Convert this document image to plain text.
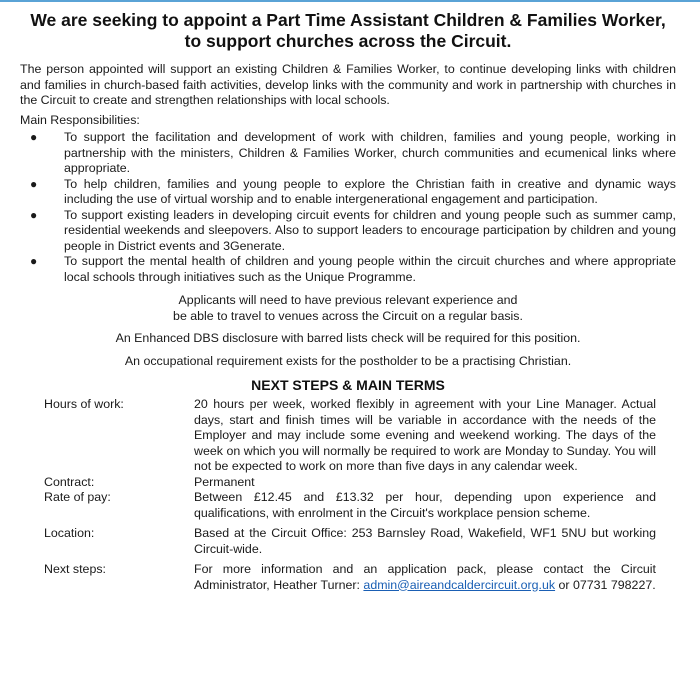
We are seeking to appoint a Part Time Assistant Children & Families Worker,
to support churches across the Circuit.

The person appointed will support an existing Children & Families Worker, to continue developing links with children and families in church-based faith activities, develop links with the community and work in partnership with churches in the Circuit to create and strengthen relationships with local schools.

Main Responsibilities:

● To support the facilitation and development of work with children, families and young people, working in partnership with the ministers, Children & Families Worker, church communities and ecumenical links where appropriate.
● To help children, families and young people to explore the Christian faith in creative and dynamic ways including the use of virtual worship and to enable intergenerational engagement and participation.
● To support existing leaders in developing circuit events for children and young people such as summer camp, residential weekends and sleepovers. Also to support leaders to encourage participation by children and young people in District events and 3Generate.
● To support the mental health of children and young people within the circuit churches and where appropriate local schools through initiatives such as the Unique Programme.

Applicants will need to have previous relevant experience and
be able to travel to venues across the Circuit on a regular basis.

An Enhanced DBS disclosure with barred lists check will be required for this position.

An occupational requirement exists for the postholder to be a practising Christian.

NEXT STEPS & MAIN TERMS
Hours of work:	20 hours per week, worked flexibly in agreement with your Line Manager. Actual days, start and finish times will be variable in accordance with the needs of the Employer and may include some evening and weekend working. The days of the week on which you will normally be required to work are Monday to Sunday. You will not be expected to work on more than five days in any calendar week.
Contract:	Permanent
Rate of pay:	Between £12.45 and £13.32 per hour, depending upon experience and qualifications, with enrolment in the Circuit's workplace pension scheme.
Location:	Based at the Circuit Office: 253 Barnsley Road, Wakefield, WF1 5NU but working Circuit-wide.
Next steps:	For more information and an application pack, please contact the Circuit Administrator, Heather Turner: admin@aireandcaldercircuit.org.uk or 07731 798227.
